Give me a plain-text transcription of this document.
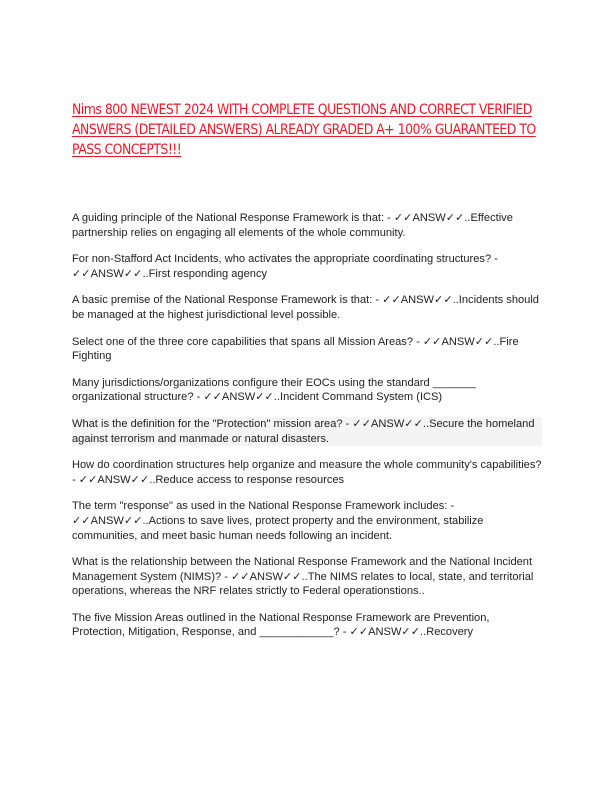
Nims 800 NEWEST 2024 WITH COMPLETE QUESTIONS AND CORRECT VERIFIED ANSWERS (DETAILED ANSWERS) ALREADY GRADED A+ 100% GUARANTEED TO PASS CONCEPTS!!!
A guiding principle of the National Response Framework is that: - ✓✓ANSW✓✓..Effective partnership relies on engaging all elements of the whole community.
For non-Stafford Act Incidents, who activates the appropriate coordinating structures? - ✓✓ANSW✓✓..First responding agency
A basic premise of the National Response Framework is that: - ✓✓ANSW✓✓..Incidents should be managed at the highest jurisdictional level possible.
Select one of the three core capabilities that spans all Mission Areas? - ✓✓ANSW✓✓..Fire Fighting
Many jurisdictions/organizations configure their EOCs using the standard _______ organizational structure? - ✓✓ANSW✓✓..Incident Command System (ICS)
What is the definition for the "Protection" mission area? - ✓✓ANSW✓✓..Secure the homeland against terrorism and manmade or natural disasters.
How do coordination structures help organize and measure the whole community's capabilities? - ✓✓ANSW✓✓..Reduce access to response resources
The term "response" as used in the National Response Framework includes: - ✓✓ANSW✓✓..Actions to save lives, protect property and the environment, stabilize communities, and meet basic human needs following an incident.
What is the relationship between the National Response Framework and the National Incident Management System (NIMS)? - ✓✓ANSW✓✓..The NIMS relates to local, state, and territorial operations, whereas the NRF relates strictly to Federal operationstions..
The five Mission Areas outlined in the National Response Framework are Prevention, Protection, Mitigation, Response, and ____________? - ✓✓ANSW✓✓..Recovery
